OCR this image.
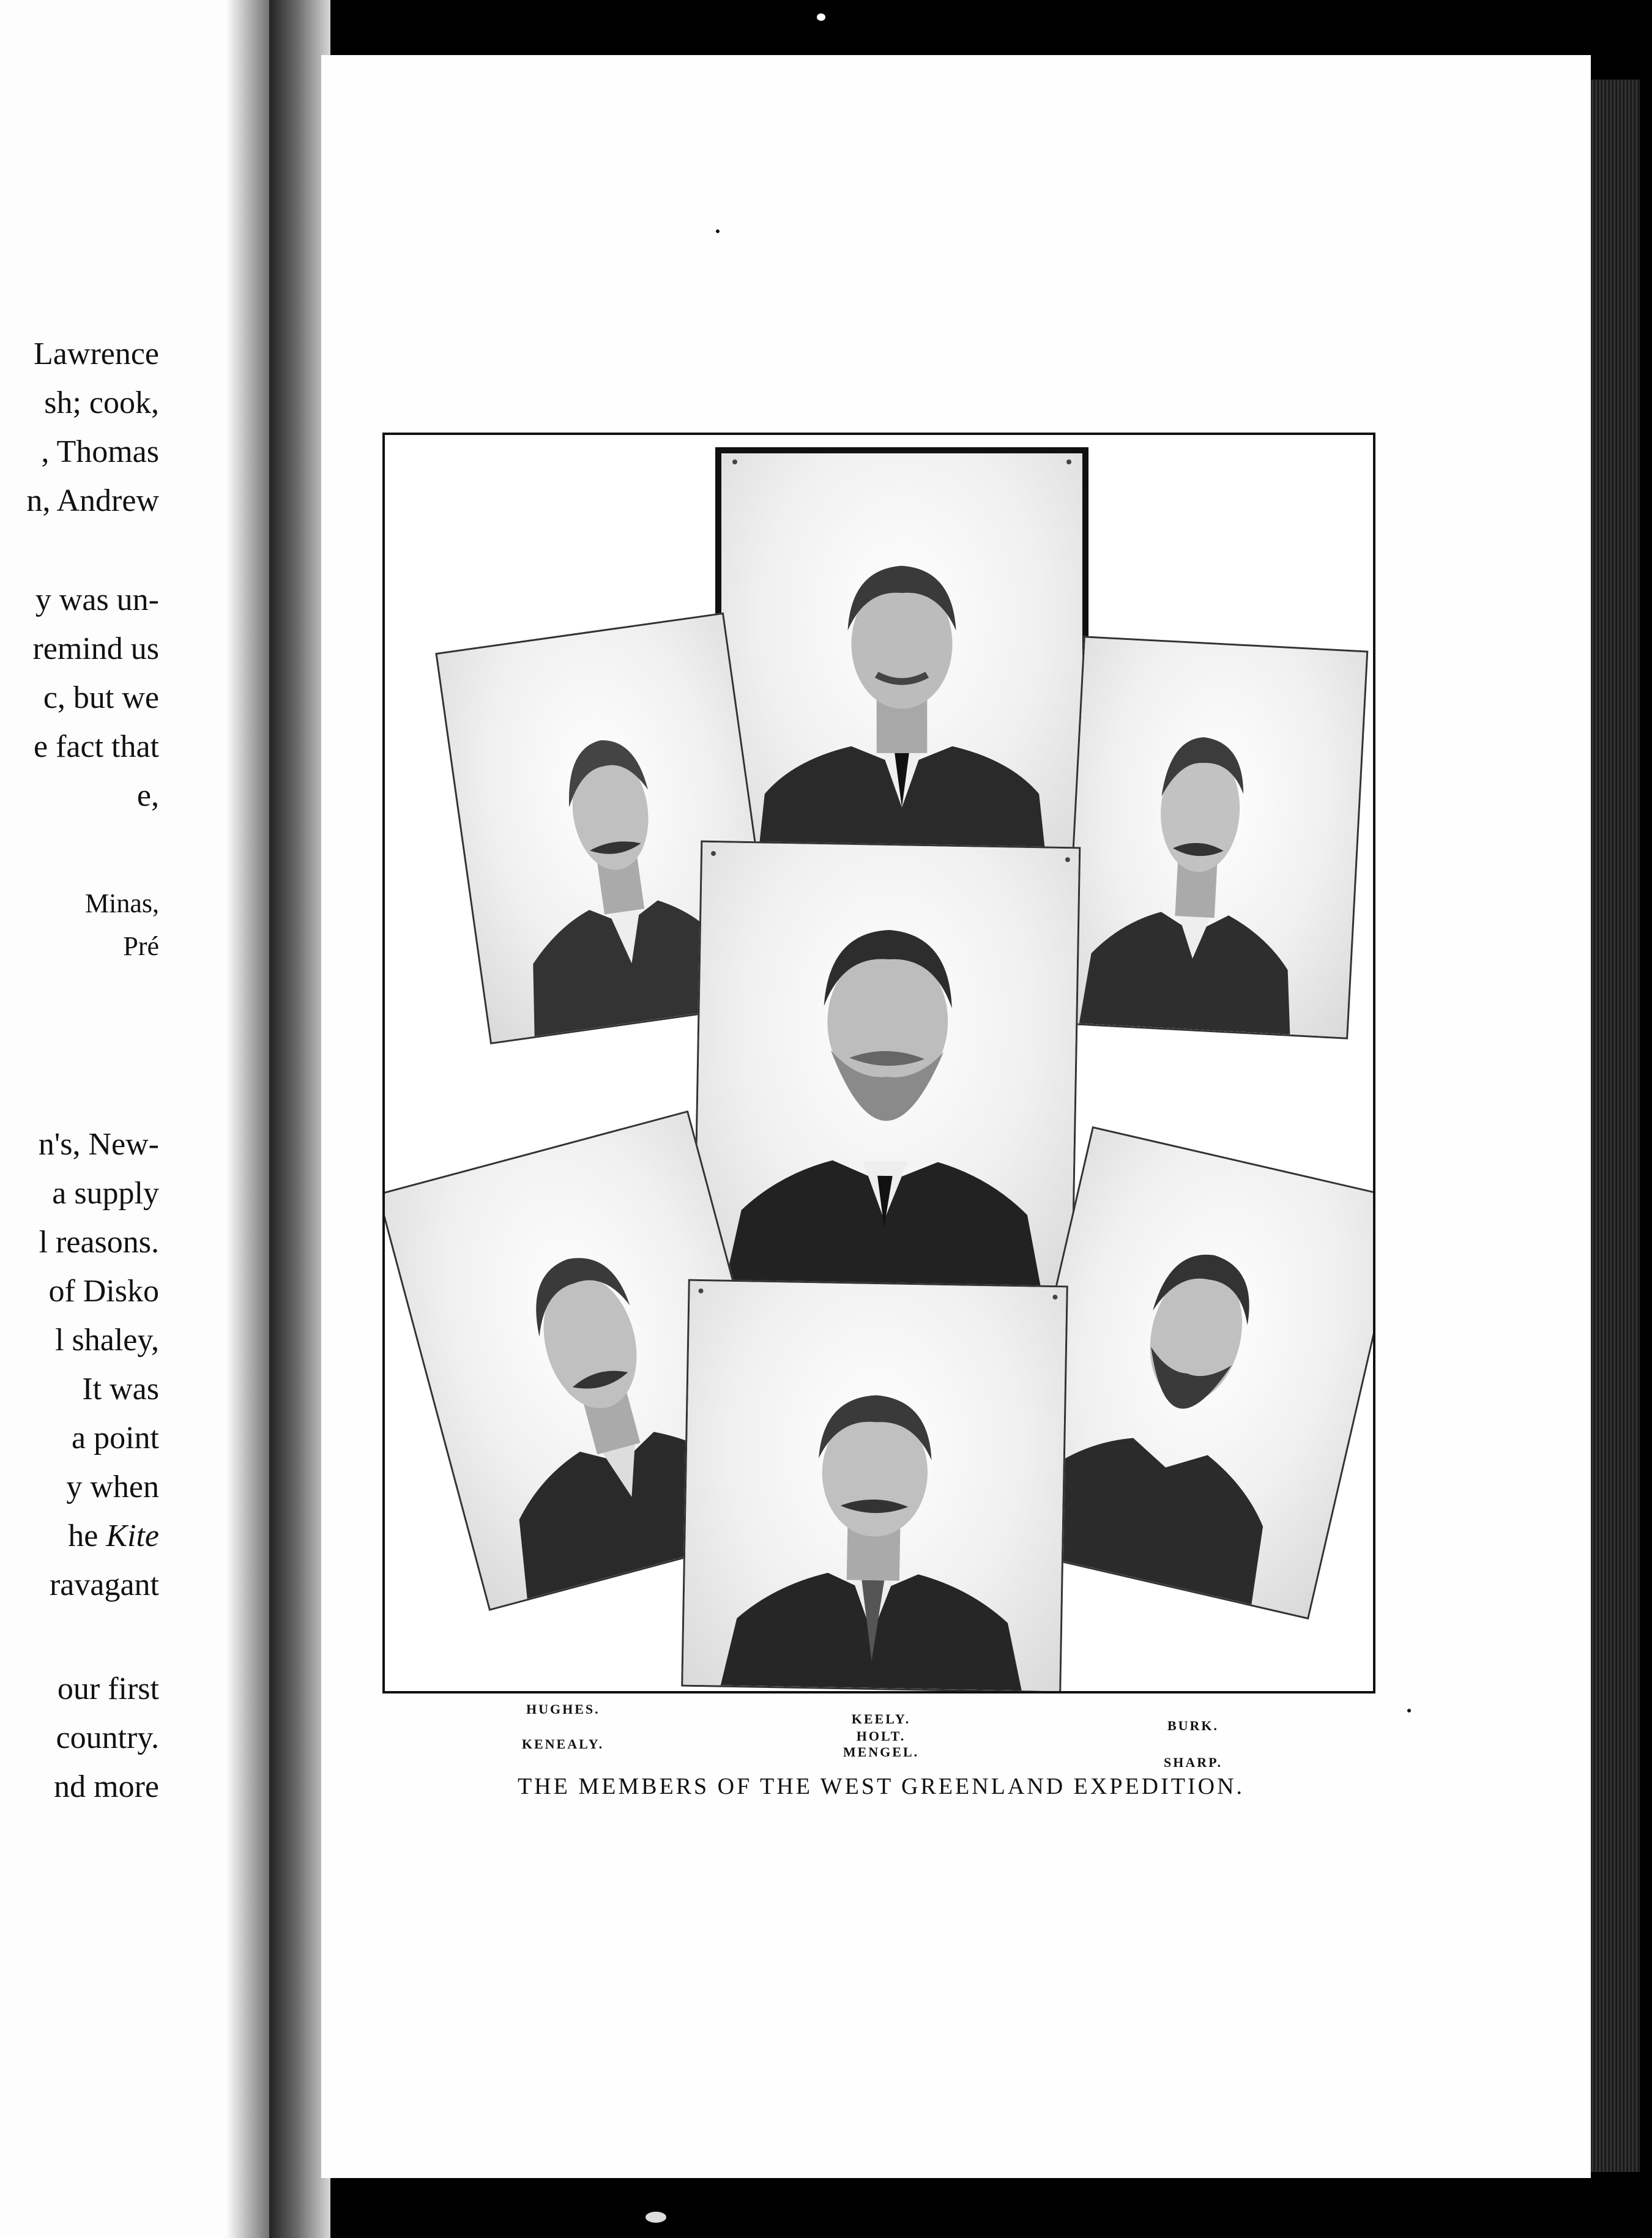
Lawrence

sh; cook,

, Thomas

n, Andrew

y was un-

remind us

c, but we

e fact that

e,

Minas,

Pré

n's, New-

a supply

l reasons.

of Disko

l shaley,

It was

a point

y when

he Kite

ravagant

our first

country.

nd more

HUGHES.

KENEALY.

KEELY.

HOLT.

MENGEL.

BURK.

SHARP.

THE MEMBERS OF THE WEST GREENLAND EXPEDITION.
